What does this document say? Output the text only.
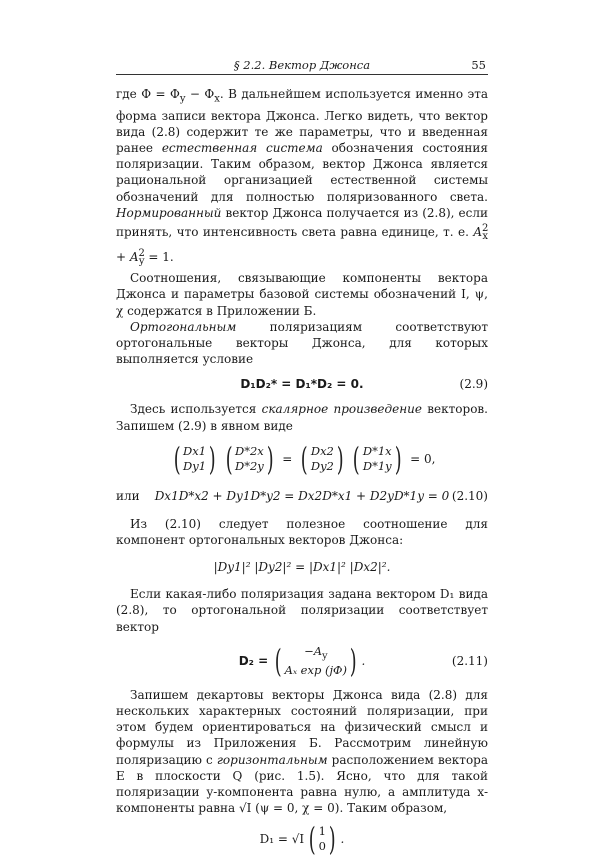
§ 2.2. Вектор Джонса	55

где $\Phi = \Phi_y - \Phi_x$. В дальнейшем используется именно эта форма записи вектора Джонса. Легко видеть, что вектор вида (2.8) содержит те же параметры, что и введенная ранее естественная система обозначения состояния поляризации. Таким образом, вектор Джонса является рациональной организацией естественной системы обозначений для полностью поляризованного света. Нормированный вектор Джонса получается из (2.8), если принять, что интенсивность света равна единице, т. е. $A^2_x + A^2_y = 1$.

Соотношения, связывающие компоненты вектора Джонса и параметры базовой системы обозначений I, ψ, χ содержатся в Приложении Б.

Ортогональным поляризациям соответствуют ортогональные векторы Джонса, для которых выполняется условие

D₁D₂* = D₁*D₂ = 0.	(2.9)

Здесь используется скалярное произведение векторов. Запишем (2.9) в явном виде

( Dx1
Dy1 ) ( D*2x
D*2y ) = ( Dx2
Dy2 ) ( D*1x
D*1y ) = 0,
или Dx1D*x2 + Dy1D*y2 = Dx2D*x1 + D2yD*1y = 0 (2.10)

Из (2.10) следует полезное соотношение для компонент ортогональных векторов Джонса:

|Dy1|² |Dy2|² = |Dx1|² |Dx2|².

Если какая-либо поляризация задана вектором D₁ вида (2.8), то ортогональной поляризации соответствует вектор

D₂ = ( $-A_y$
Aₓ exp (jΦ) ) .	(2.11)

Запишем декартовы векторы Джонса вида (2.8) для нескольких характерных состояний поляризации, при этом будем ориентироваться на физический смысл и формулы из Приложения Б. Рассмотрим линейную поляризацию с горизонтальным расположением вектора E в плоскости Q (рис. 1.5). Ясно, что для такой поляризации y-компонента равна нулю, а амплитуда x-компоненты равна √I (ψ = 0, χ = 0). Таким образом,

D₁ = √I ( 1
0 ) .
